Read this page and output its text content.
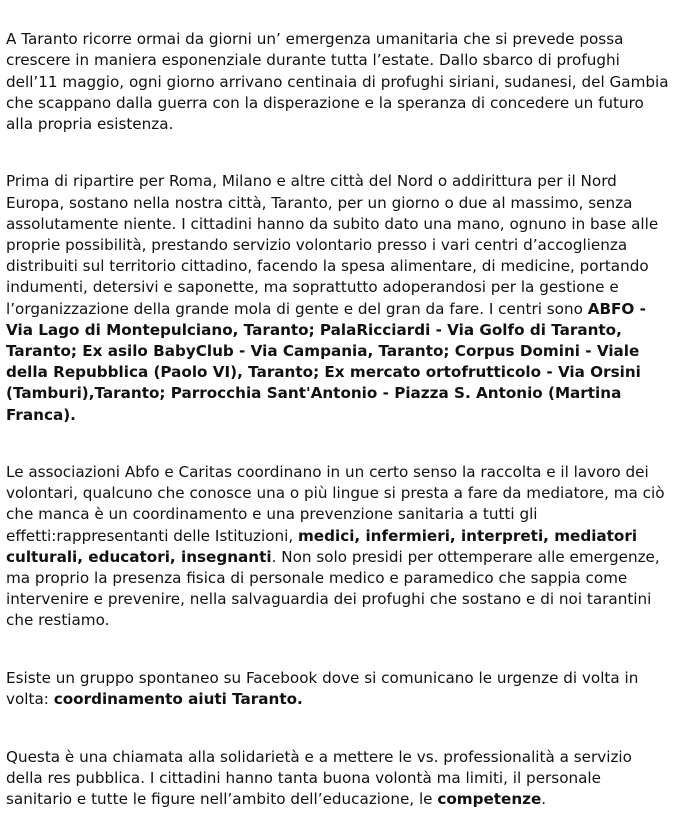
A Taranto ricorre ormai da giorni un’ emergenza umanitaria che si prevede possa
crescere in maniera esponenziale durante tutta l’estate. Dallo sbarco di profughi
dell’11 maggio, ogni giorno arrivano centinaia di profughi siriani, sudanesi, del Gambia
che scappano dalla guerra con la disperazione e la speranza di concedere un futuro
alla propria esistenza.

Prima di ripartire per Roma, Milano e altre città del Nord o addirittura per il Nord
Europa, sostano nella nostra città, Taranto, per un giorno o due al massimo, senza
assolutamente niente. I cittadini hanno da subito dato una mano, ognuno in base alle
proprie possibilità, prestando servizio volontario presso i vari centri d’accoglienza
distribuiti sul territorio cittadino, facendo la spesa alimentare, di medicine, portando
indumenti, detersivi e saponette, ma soprattutto adoperandosi per la gestione e
l’organizzazione della grande mola di gente e del gran da fare. I centri sono ABFO -
Via Lago di Montepulciano, Taranto; PalaRicciardi - Via Golfo di Taranto,
Taranto; Ex asilo BabyClub - Via Campania, Taranto; Corpus Domini - Viale
della Repubblica (Paolo VI), Taranto; Ex mercato ortofrutticolo - Via Orsini
(Tamburi),Taranto; Parrocchia Sant'Antonio - Piazza S. Antonio (Martina
Franca).

Le associazioni Abfo e Caritas coordinano in un certo senso la raccolta e il lavoro dei
volontari, qualcuno che conosce una o più lingue si presta a fare da mediatore, ma ciò
che manca è un coordinamento e una prevenzione sanitaria a tutti gli
effetti:rappresentanti delle Istituzioni, medici, infermieri, interpreti, mediatori
culturali, educatori, insegnanti. Non solo presidi per ottemperare alle emergenze,
ma proprio la presenza fisica di personale medico e paramedico che sappia come
intervenire e prevenire, nella salvaguardia dei profughi che sostano e di noi tarantini
che restiamo.

Esiste un gruppo spontaneo su Facebook dove si comunicano le urgenze di volta in
volta: coordinamento aiuti Taranto.

Questa è una chiamata alla solidarietà e a mettere le vs. professionalità a servizio
della res pubblica. I cittadini hanno tanta buona volontà ma limiti, il personale
sanitario e tutte le figure nell’ambito dell’educazione, le competenze.
